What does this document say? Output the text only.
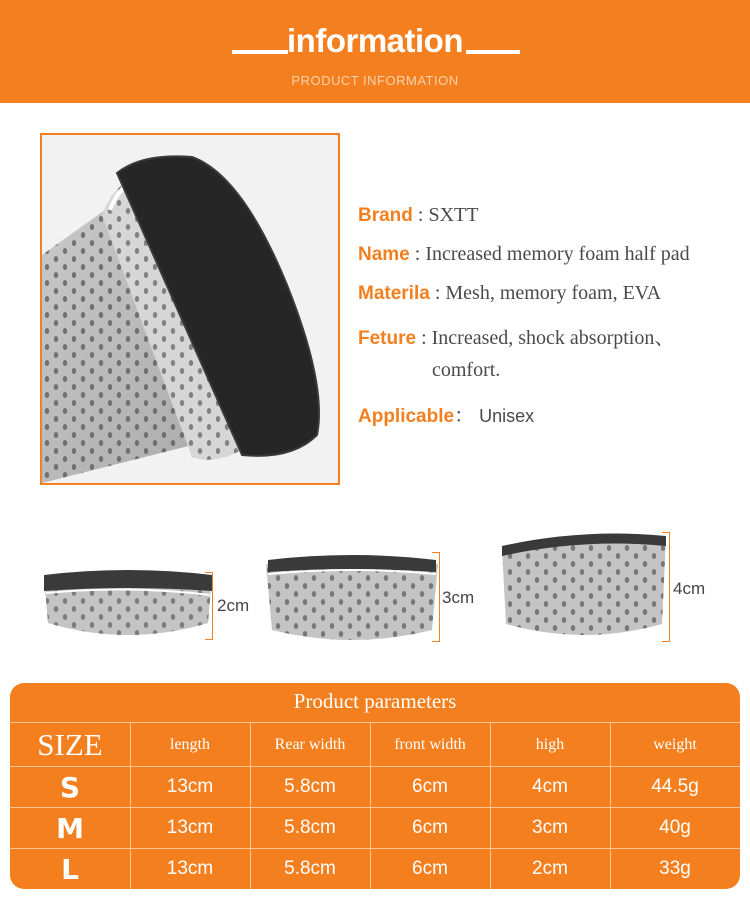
information
PRODUCT INFORMATION
Brand : SXTT
Name : Increased memory foam half pad
Materila : Mesh, memory foam, EVA
Feture : Increased, shock absorption、
comfort.
Applicable： Unisex
2cm	3cm	4cm
Product parameters
SIZE	length	Rear width	front width	high	weight
S	13cm	5.8cm	6cm	4cm	44.5g
M	13cm	5.8cm	6cm	3cm	40g
L	13cm	5.8cm	6cm	2cm	33g
